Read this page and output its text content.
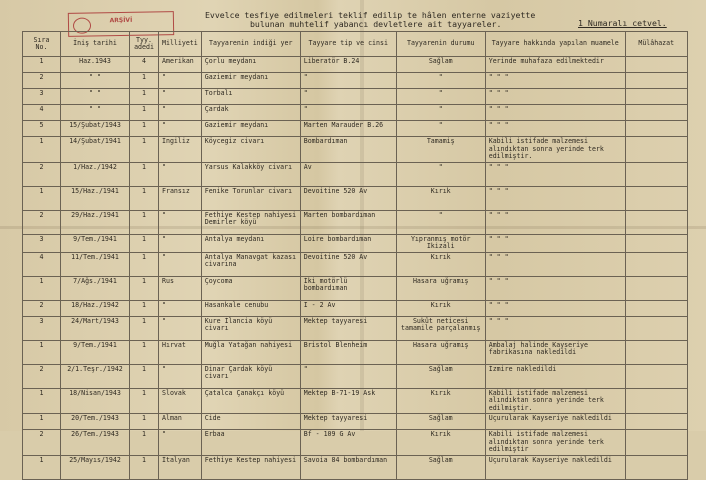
ARŞİVİ
Evvelce tesfiye edilmeleri teklif edilip te hâlen enterne vaziyette
bulunan muhtelif yabancı devletlere ait tayyareler.	1 Numaralı cetvel.
Sıra No.	İniş tarihi	Tyy. adedi	Milliyeti	Tayyarenin indiği yer	Tayyare tip ve cinsi	Tayyarenin durumu	Tayyare hakkında yapılan muamele	Mülâhazat
1	Haz.1943	4	Amerikan	Çorlu meydanı	Liberatör B.24	Sağlam	Yerinde muhafaza edilmektedir	
2	" "	1	"	Gaziemir meydanı	"	"	" " "	
3	" "	1	"	Torbalı	"	"	" " "	
4	" "	1	"	Çardak	"	"	" " "	
5	15/Şubat/1943	1	"	Gaziemir meydanı	Marten Marauder B.26	"	" " "	
1	14/Şubat/1941	1	İngiliz	Köycegiz civarı	Bombardıman	Tamamiş	Kabili istifade malzemesi alındıktan sonra yerinde terk edilmiştir.	
2	1/Haz./1942	1	"	Yarsus Kalakköy civarı	Av	"	" " "	
1	15/Haz./1941	1	Fransız	Fenike Torunlar civarı	Devoitine 520 Av	Kırık	" " "	
2	29/Haz./1941	1	"	Fethiye Kestep nahiyesi Demirler köyü	Marten bombardıman	"	" " "	
3	9/Tem./1941	1	"	Antalya meydanı	Loire bombardıman	Yıpranmış motör Ikizali	" " "	
4	11/Tem./1941	1	"	Antalya Manavgat kazası civarına	Devoitine 520 Av	Kırık	" " "	
1	7/Ağs./1941	1	Rus	Çoycoma	İki motörlü bombardıman	Hasara uğramış	" " "	
2	18/Haz./1942	1	"	Hasankale cenubu	I - 2 Av	Kırık	" " "	
3	24/Mart/1943	1	"	Kure İlancia köyü civarı	Mektep tayyaresi	Sukût neticesi tamamile parçalanmış	" " "	
1	9/Tem./1941	1	Hırvat	Muğla Yatağan nahiyesi	Bristol Blenheim	Hasara uğramış	Ambalaj halinde Kayseriye fabrikasına nakledildi	
2	2/1.Teşr./1942	1	"	Dinar Çardak köyü civarı	"	Sağlam	İzmire nakledildi	
1	18/Nisan/1943	1	Slovak	Çatalca Çanakçı köyü	Mektep B-71-19 Ask	Kırık	Kabili istifade malzemesi alındıktan sonra yerinde terk edilmiştir.	
1	20/Tem./1943	1	Alman	Cide	Mektep tayyaresi	Sağlam	Uçurularak Kayseriye nakledildi	
2	26/Tem./1943	1	"	Erbaa	Bf - 109 G Av	Kırık	Kabili istifade malzemesi alındıktan sonra yerinde terk edilmiştir	
1	25/Mayıs/1942	1	İtalyan	Fethiye Kestep nahiyesi	Savoia 84 bombardıman	Sağlam	Uçurularak Kayseriye nakledildi	
